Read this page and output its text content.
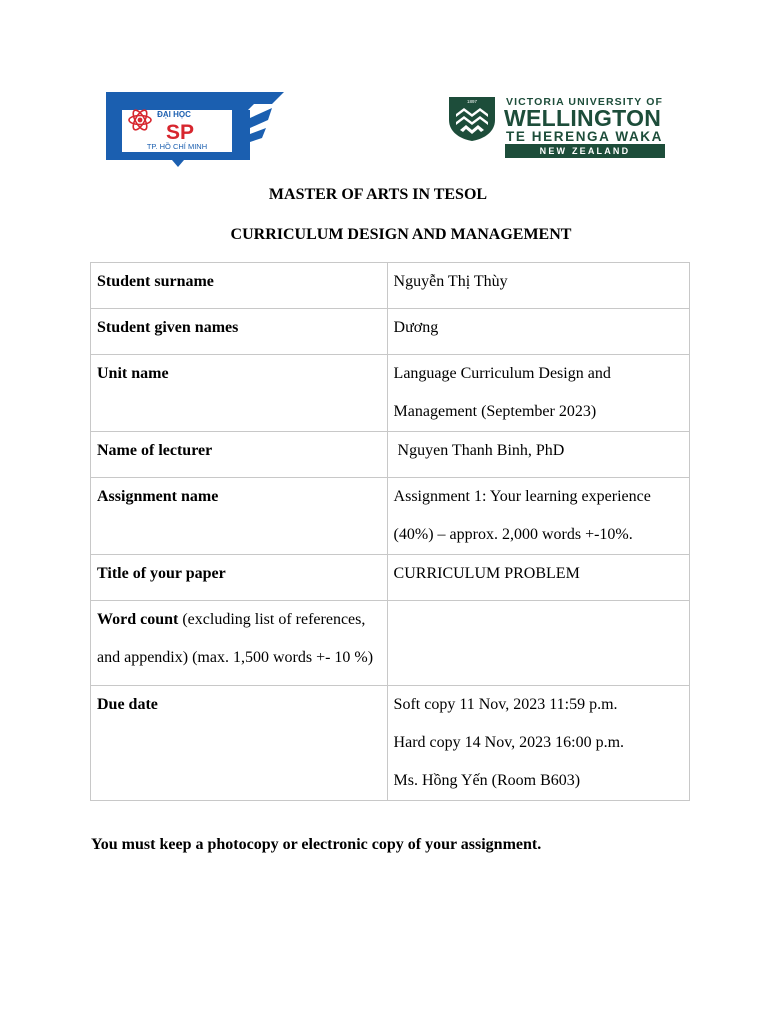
ĐẠI HỌC
SP
TP. HỒ CHÍ MINH
1897	VICTORIA UNIVERSITY OF
WELLINGTON
TE HERENGA WAKA
NEW ZEALAND
MASTER OF ARTS IN TESOL
CURRICULUM DESIGN AND MANAGEMENT
Student surname	Nguyễn Thị Thùy
Student given names	Dương
Unit name	Language Curriculum Design and

Management (September 2023)

Name of lecturer	Nguyen Thanh Binh, PhD
Assignment name	Assignment 1: Your learning experience

(40%) – approx. 2,000 words +-10%.

Title of your paper	CURRICULUM PROBLEM

Word count (excluding list of references,

and appendix) (max. 1,500 words +- 10 %)	

Due date	Soft copy 11 Nov, 2023 11:59 p.m.

Hard copy 14 Nov, 2023 16:00 p.m.

Ms. Hồng Yến (Room B603)

You must keep a photocopy or electronic copy of your assignment.
